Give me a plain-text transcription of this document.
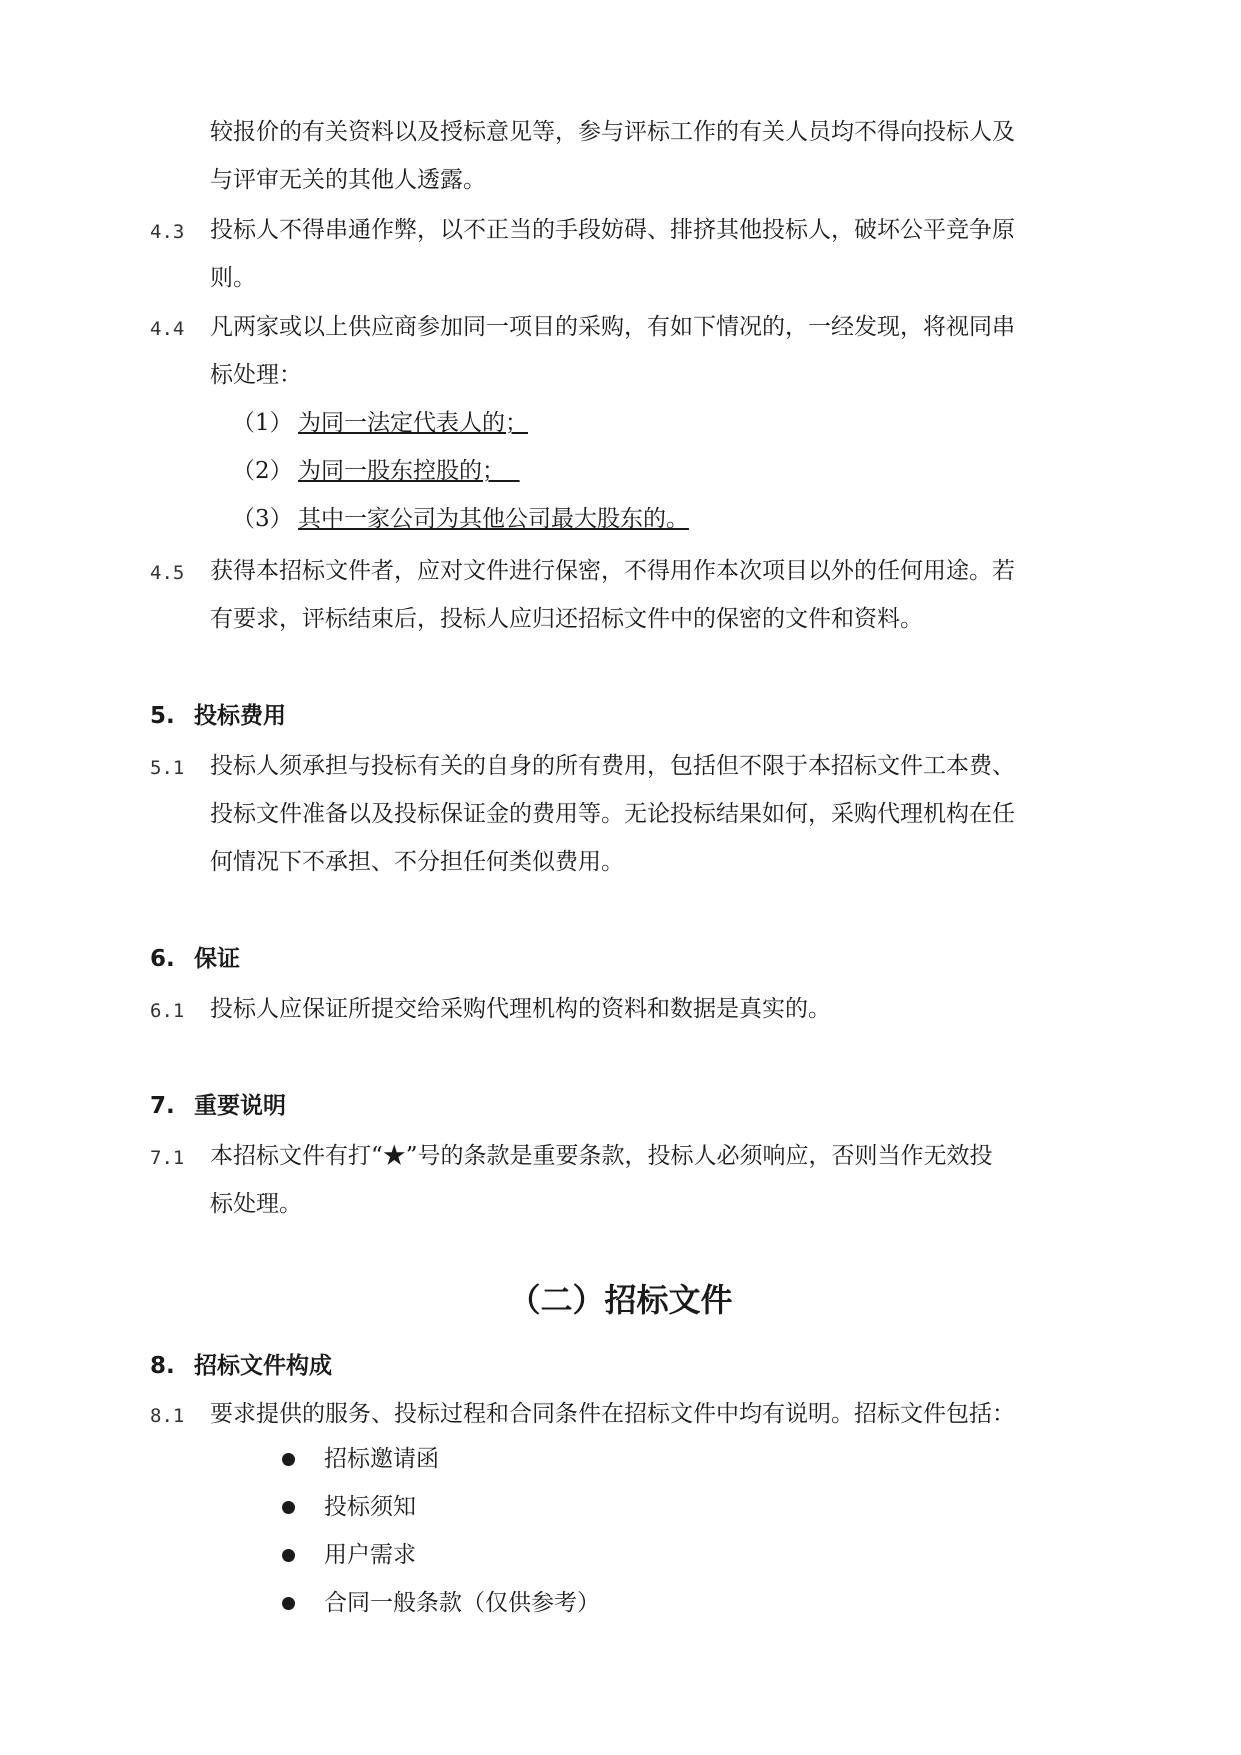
较报价的有关资料以及授标意见等，参与评标工作的有关人员均不得向投标人及
与评审无关的其他人透露。
4.3 投标人不得串通作弊，以不正当的手段妨碍、排挤其他投标人，破坏公平竞争原
则。
4.4 凡两家或以上供应商参加同一项目的采购，有如下情况的，一经发现，将视同串
标处理：
（1） 为同一法定代表人的；
（2） 为同一股东控股的；
（3） 其中一家公司为其他公司最大股东的。
4.5 获得本招标文件者，应对文件进行保密，不得用作本次项目以外的任何用途。若
有要求，评标结束后，投标人应归还招标文件中的保密的文件和资料。
5. 投标费用
5.1 投标人须承担与投标有关的自身的所有费用，包括但不限于本招标文件工本费、
投标文件准备以及投标保证金的费用等。无论投标结果如何，采购代理机构在任
何情况下不承担、不分担任何类似费用。
6. 保证
6.1 投标人应保证所提交给采购代理机构的资料和数据是真实的。
7. 重要说明
7.1 本招标文件有打“★”号的条款是重要条款，投标人必须响应，否则当作无效投
标处理。
（二）招标文件
8. 招标文件构成
8.1 要求提供的服务、投标过程和合同条件在招标文件中均有说明。招标文件包括：
招标邀请函
投标须知
用户需求
合同一般条款（仅供参考）
